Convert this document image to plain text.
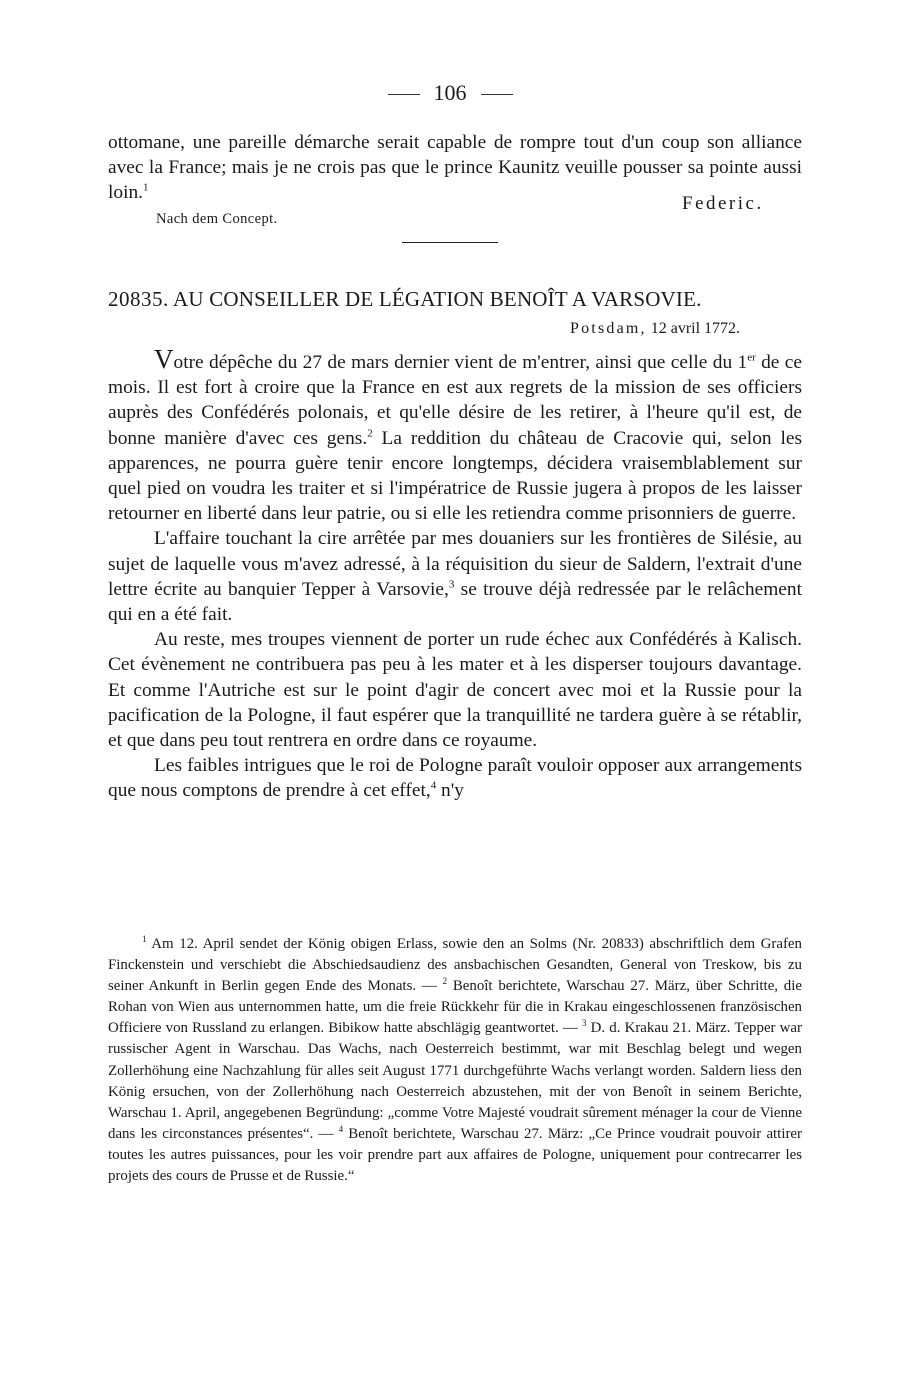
106

ottomane, une pareille démarche serait capable de rompre tout d'un coup son alliance avec la France; mais je ne crois pas que le prince Kaunitz veuille pousser sa pointe aussi loin.$^1$

Federic.
Nach dem Concept.
20835. AU CONSEILLER DE LÉGATION BENOÎT A VARSOVIE.
Potsdam, 12 avril 1772.

Votre dépêche du 27 de mars dernier vient de m'entrer, ainsi que celle du 1er de ce mois. Il est fort à croire que la France en est aux regrets de la mission de ses officiers auprès des Confédérés polonais, et qu'elle désire de les retirer, à l'heure qu'il est, de bonne manière d'avec ces gens.$^2$ La reddition du château de Cracovie qui, selon les apparences, ne pourra guère tenir encore longtemps, décidera vraisemblablement sur quel pied on voudra les traiter et si l'impératrice de Russie jugera à propos de les laisser retourner en liberté dans leur patrie, ou si elle les retiendra comme prisonniers de guerre.

L'affaire touchant la cire arrêtée par mes douaniers sur les frontières de Silésie, au sujet de laquelle vous m'avez adressé, à la réquisition du sieur de Saldern, l'extrait d'une lettre écrite au banquier Tepper à Varsovie,$^3$ se trouve déjà redressée par le relâchement qui en a été fait.

Au reste, mes troupes viennent de porter un rude échec aux Confédérés à Kalisch. Cet évènement ne contribuera pas peu à les mater et à les disperser toujours davantage. Et comme l'Autriche est sur le point d'agir de concert avec moi et la Russie pour la pacification de la Pologne, il faut espérer que la tranquillité ne tardera guère à se rétablir, et que dans peu tout rentrera en ordre dans ce royaume.

Les faibles intrigues que le roi de Pologne paraît vouloir opposer aux arrangements que nous comptons de prendre à cet effet,$^4$ n'y

$^1$ Am 12. April sendet der König obigen Erlass, sowie den an Solms (Nr. 20833) abschriftlich dem Grafen Finckenstein und verschiebt die Abschiedsaudienz des ansbachischen Gesandten, General von Treskow, bis zu seiner Ankunft in Berlin gegen Ende des Monats. — $^2$ Benoît berichtete, Warschau 27. März, über Schritte, die Rohan von Wien aus unternommen hatte, um die freie Rückkehr für die in Krakau eingeschlossenen französischen Officiere von Russland zu erlangen. Bibikow hatte abschlägig geantwortet. — $^3$ D. d. Krakau 21. März. Tepper war russischer Agent in Warschau. Das Wachs, nach Oesterreich bestimmt, war mit Beschlag belegt und wegen Zollerhöhung eine Nachzahlung für alles seit August 1771 durchgeführte Wachs verlangt worden. Saldern liess den König ersuchen, von der Zollerhöhung nach Oesterreich abzustehen, mit der von Benoît in seinem Berichte, Warschau 1. April, angegebenen Begründung: „comme Votre Majesté voudrait sûrement ménager la cour de Vienne dans les circonstances présentes“. — $^4$ Benoît berichtete, Warschau 27. März: „Ce Prince voudrait pouvoir attirer toutes les autres puissances, pour les voir prendre part aux affaires de Pologne, uniquement pour contrecarrer les projets des cours de Prusse et de Russie.“
